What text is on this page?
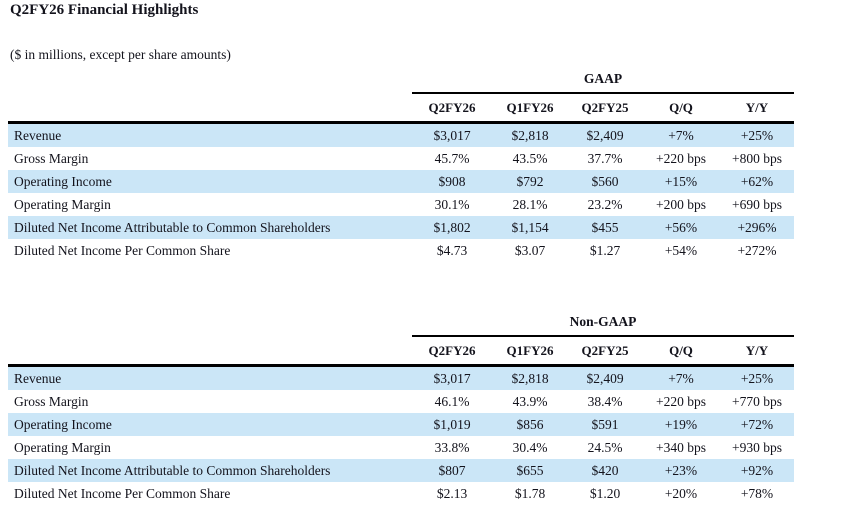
Q2FY26 Financial Highlights
($ in millions, except per share amounts)
GAAP
Q2FY26	Q1FY26	Q2FY25	Q/Q	Y/Y
Revenue	$3,017	$2,818	$2,409	+7%	+25%
Gross Margin	45.7%	43.5%	37.7%	+220 bps	+800 bps
Operating Income	$908	$792	$560	+15%	+62%
Operating Margin	30.1%	28.1%	23.2%	+200 bps	+690 bps
Diluted Net Income Attributable to Common Shareholders	$1,802	$1,154	$455	+56%	+296%
Diluted Net Income Per Common Share	$4.73	$3.07	$1.27	+54%	+272%
Non-GAAP
Q2FY26	Q1FY26	Q2FY25	Q/Q	Y/Y
Revenue	$3,017	$2,818	$2,409	+7%	+25%
Gross Margin	46.1%	43.9%	38.4%	+220 bps	+770 bps
Operating Income	$1,019	$856	$591	+19%	+72%
Operating Margin	33.8%	30.4%	24.5%	+340 bps	+930 bps
Diluted Net Income Attributable to Common Shareholders	$807	$655	$420	+23%	+92%
Diluted Net Income Per Common Share	$2.13	$1.78	$1.20	+20%	+78%
